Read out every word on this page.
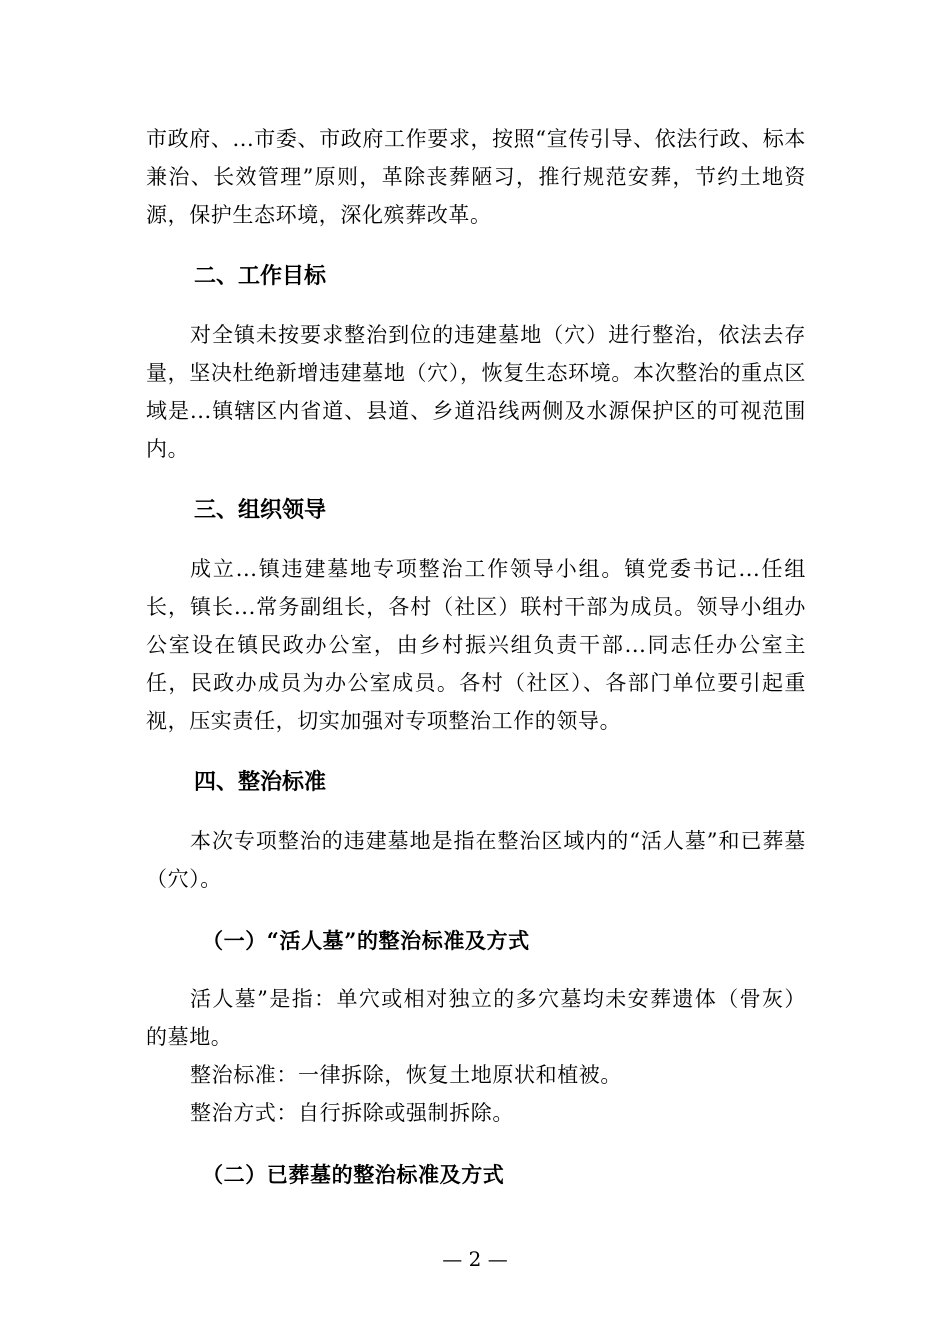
市政府、...市委、市政府工作要求，按照“宣传引导、依法行政、标本兼治、长效管理”原则，革除丧葬陋习，推行规范安葬，节约土地资源，保护生态环境，深化殡葬改革。

二、工作目标

对全镇未按要求整治到位的违建墓地（穴）进行整治，依法去存量，坚决杜绝新增违建墓地（穴），恢复生态环境。本次整治的重点区域是...镇辖区内省道、县道、乡道沿线两侧及水源保护区的可视范围内。

三、组织领导

成立...镇违建墓地专项整治工作领导小组。镇党委书记...任组长，镇长...常务副组长，各村（社区）联村干部为成员。领导小组办公室设在镇民政办公室，由乡村振兴组负责干部...同志任办公室主任，民政办成员为办公室成员。各村（社区）、各部门单位要引起重视，压实责任，切实加强对专项整治工作的领导。

四、整治标准

本次专项整治的违建墓地是指在整治区域内的“活人墓”和已葬墓（穴）。

（一）“活人墓”的整治标准及方式

活人墓”是指：单穴或相对独立的多穴墓均未安葬遗体（骨灰）的墓地。

整治标准：一律拆除，恢复土地原状和植被。

整治方式：自行拆除或强制拆除。

（二）已葬墓的整治标准及方式

— 2 —
